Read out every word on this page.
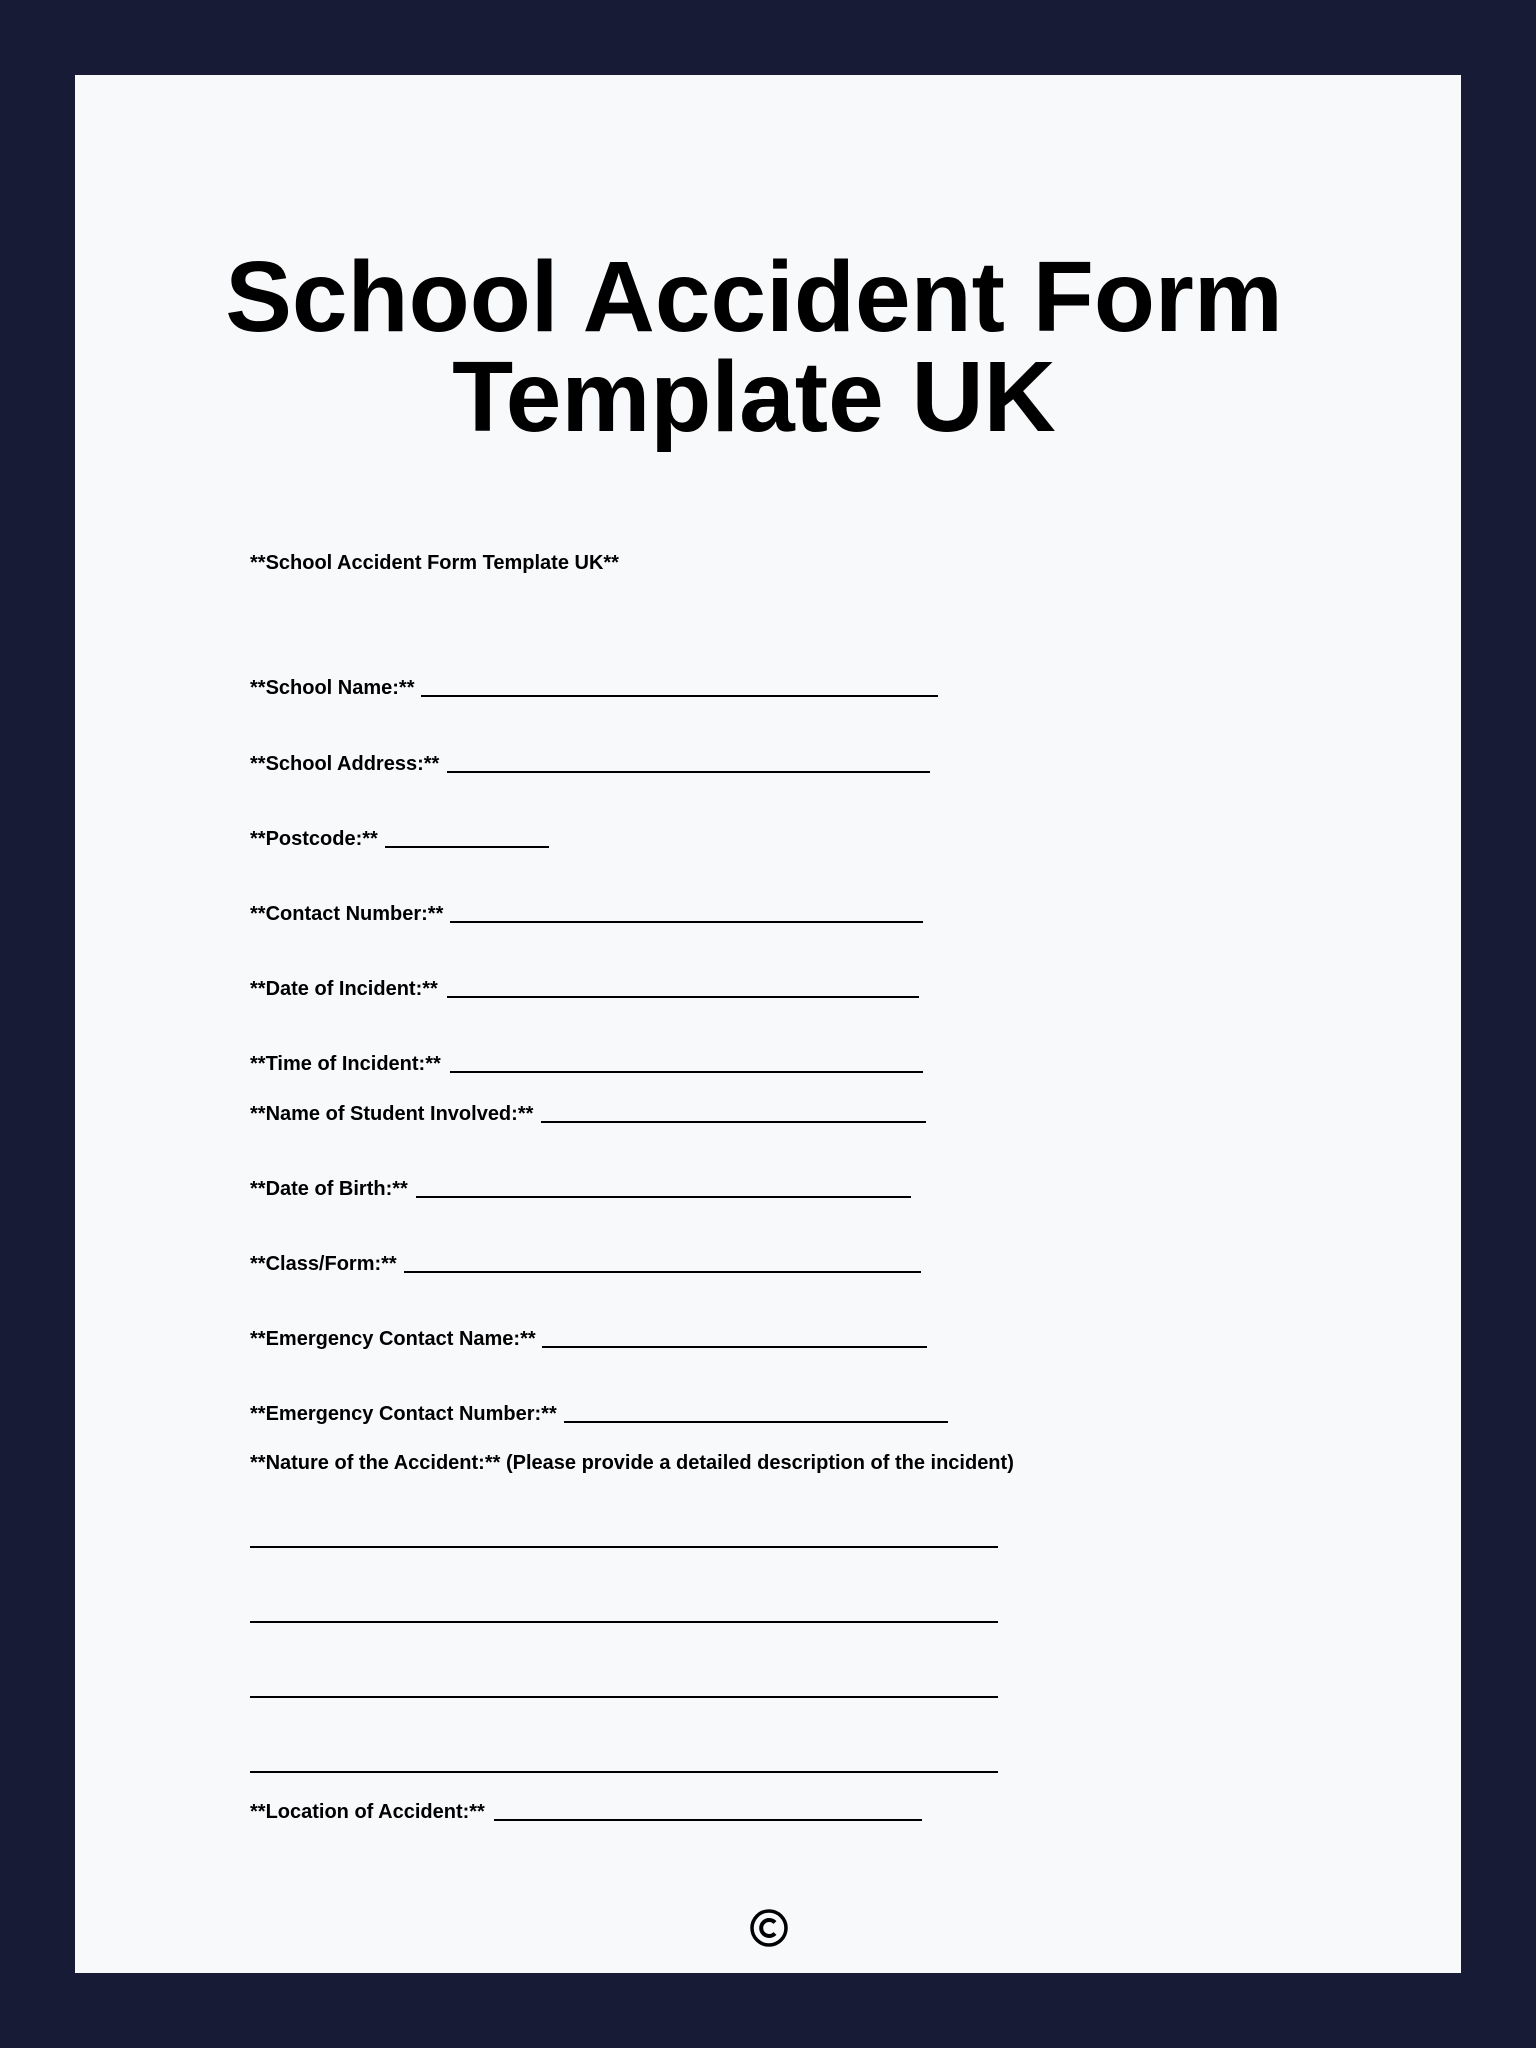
School Accident Form
Template UK
**School Accident Form Template UK**
**School Name:**
**School Address:**
**Postcode:**
**Contact Number:**
**Date of Incident:**
**Time of Incident:**
**Name of Student Involved:**
**Date of Birth:**
**Class/Form:**
**Emergency Contact Name:**
**Emergency Contact Number:**
**Nature of the Accident:** (Please provide a detailed description of the incident)
**Location of Accident:**
